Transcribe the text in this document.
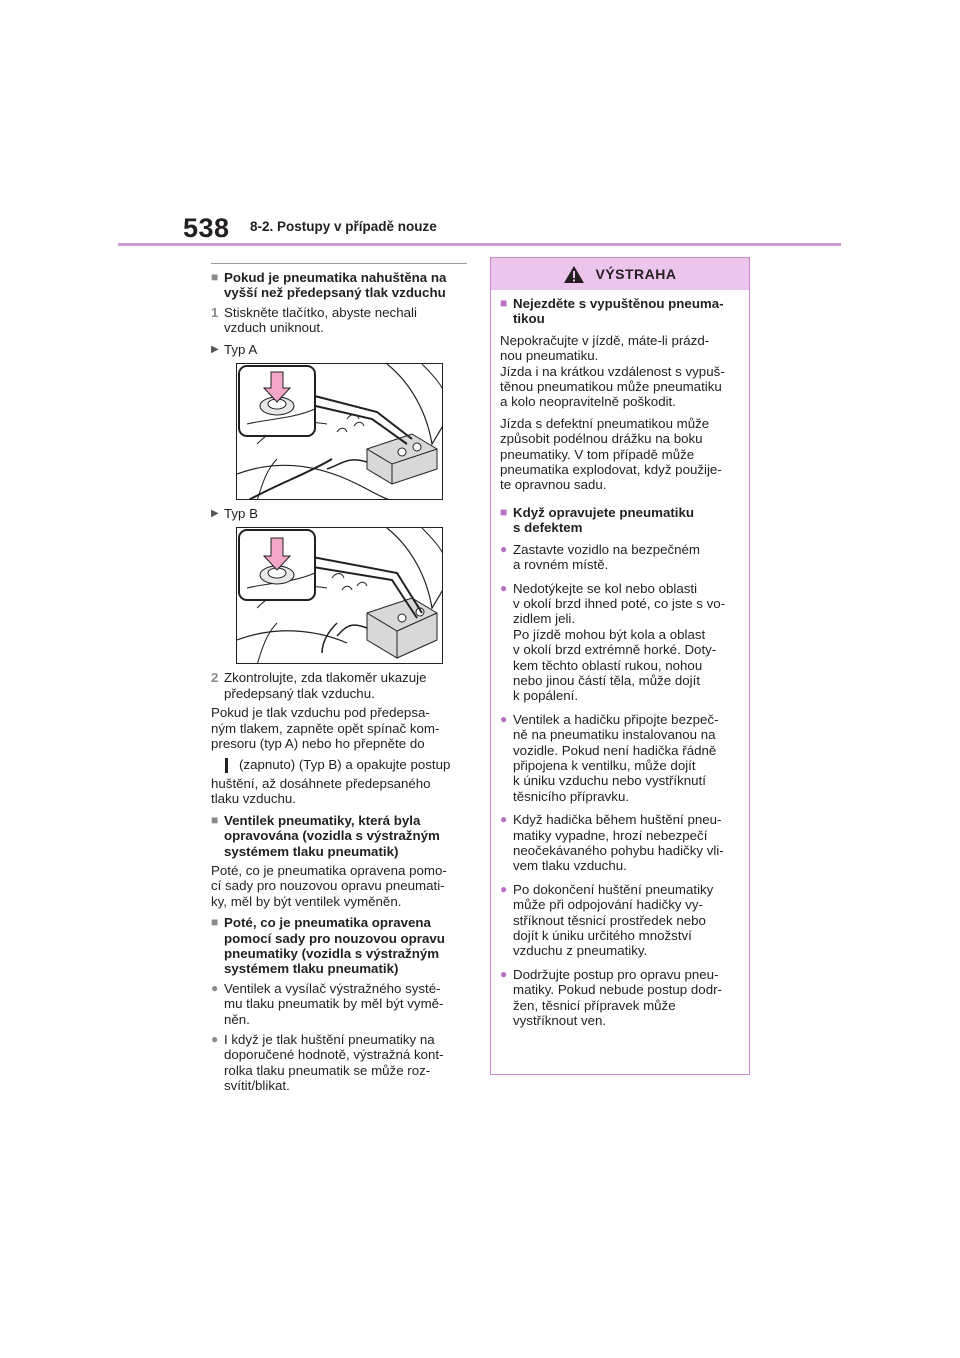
538 8-2. Postupy v případě nouze
■ Pokud je pneumatika nahuštěna na
vyšší než předepsaný tlak vzduchu
1 Stiskněte tlačítko, abyste nechali
vzduch uniknout.
▶ Typ A
▶ Typ B
2 Zkontrolujte, zda tlakoměr ukazuje
předepsaný tlak vzduchu.
Pokud je tlak vzduchu pod předepsa-
ným tlakem, zapněte opět spínač kom-
presoru (typ A) nebo ho přepněte do
(zapnuto) (Typ B) a opakujte postup
huštění, až dosáhnete předepsaného
tlaku vzduchu.
■ Ventilek pneumatiky, která byla
opravována (vozidla s výstražným
systémem tlaku pneumatik)
Poté, co je pneumatika opravena pomo-
cí sady pro nouzovou opravu pneumati-
ky, měl by být ventilek vyměněn.
■ Poté, co je pneumatika opravena
pomocí sady pro nouzovou opravu
pneumatiky (vozidla s výstražným
systémem tlaku pneumatik)
● Ventilek a vysílač výstražného systé-
mu tlaku pneumatik by měl být vymě-
něn.
● I když je tlak huštění pneumatiky na
doporučené hodnotě, výstražná kont-
rolka tlaku pneumatik se může roz-
svítit/blikat.
VÝSTRAHA
■ Nejezděte s vypuštěnou pneuma-
tikou
Nepokračujte v jízdě, máte-li prázd-
nou pneumatiku.
Jízda i na krátkou vzdálenost s vypuš-
těnou pneumatikou může pneumatiku
a kolo neopravitelně poškodit.
Jízda s defektní pneumatikou může
způsobit podélnou drážku na boku
pneumatiky. V tom případě může
pneumatika explodovat, když použije-
te opravnou sadu.
■ Když opravujete pneumatiku
s defektem
● Zastavte vozidlo na bezpečném
a rovném místě.
● Nedotýkejte se kol nebo oblasti
v okolí brzd ihned poté, co jste s vo-
zidlem jeli.
Po jízdě mohou být kola a oblast
v okolí brzd extrémně horké. Doty-
kem těchto oblastí rukou, nohou
nebo jinou částí těla, může dojít
k popálení.
● Ventilek a hadičku připojte bezpeč-
ně na pneumatiku instalovanou na
vozidle. Pokud není hadička řádně
připojena k ventilku, může dojít
k úniku vzduchu nebo vystříknutí
těsnicího přípravku.
● Když hadička během huštění pneu-
matiky vypadne, hrozí nebezpečí
neočekávaného pohybu hadičky vli-
vem tlaku vzduchu.
● Po dokončení huštění pneumatiky
může při odpojování hadičky vy-
stříknout těsnicí prostředek nebo
dojít k úniku určitého množství
vzduchu z pneumatiky.
● Dodržujte postup pro opravu pneu-
matiky. Pokud nebude postup dodr-
žen, těsnicí přípravek může
vystříknout ven.
